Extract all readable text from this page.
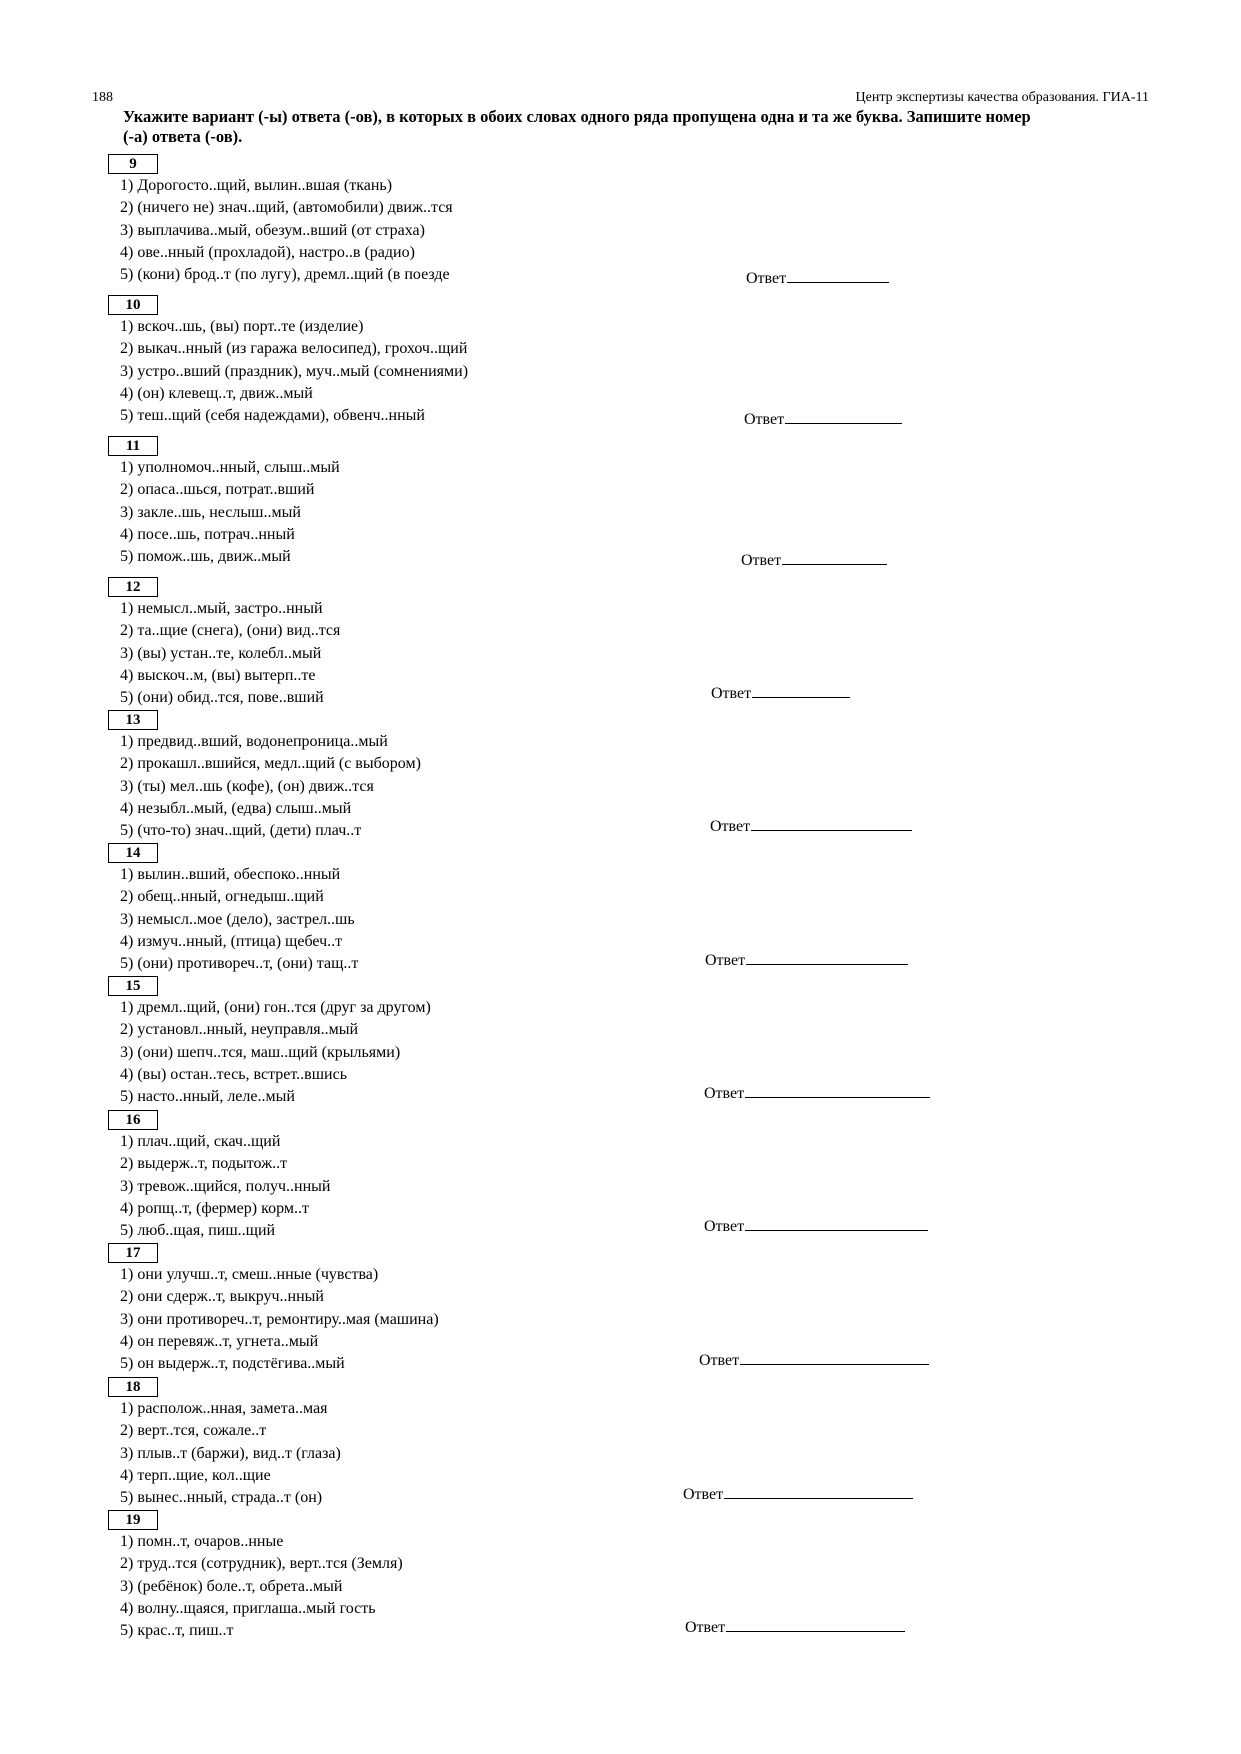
188	Центр экспертизы качества образования. ГИА-11
Укажите вариант (-ы) ответа (-ов), в которых в обоих словах одного ряда пропущена одна и та же буква. Запишите номер (-а) ответа (-ов).
9
1) Дорогосто..щий, вылин..вшая (ткань)
2) (ничего не) знач..щий, (автомобили) движ..тся
3) выплачива..мый, обезум..вший (от страха)
4) ове..нный (прохладой), настро..в (радио)
5) (кони) брод..т (по лугу), дремл..щий (в поезде	Ответ
10
1) вскоч..шь, (вы) порт..те (изделие)
2) выкач..нный (из гаража велосипед), грохоч..щий
3) устро..вший (праздник), муч..мый (сомнениями)
4) (он) клевещ..т, движ..мый
5) теш..щий (себя надеждами), обвенч..нный	Ответ
11
1) уполномоч..нный, слыш..мый
2) опаса..шься, потрат..вший
3) закле..шь, неслыш..мый
4) посе..шь, потрач..нный
5) помож..шь, движ..мый	Ответ
12
1) немысл..мый, застро..нный
2) та..щие (снега), (они) вид..тся
3) (вы) устан..те, колебл..мый
4) выскоч..м, (вы) вытерп..те
5) (они) обид..тся, пове..вший	Ответ
13
1) предвид..вший, водонепроница..мый
2) прокашл..вшийся, медл..щий (с выбором)
3) (ты) мел..шь (кофе), (он) движ..тся
4) незыбл..мый, (едва) слыш..мый
5) (что-то) знач..щий, (дети) плач..т	Ответ
14
1) вылин..вший, обеспоко..нный
2) обещ..нный, огнедыш..щий
3) немысл..мое (дело), застрел..шь
4) измуч..нный, (птица) щебеч..т
5) (они) противореч..т, (они) тащ..т	Ответ
15
1) дремл..щий, (они) гон..тся (друг за другом)
2) установл..нный, неуправля..мый
3) (они) шепч..тся, маш..щий (крыльями)
4) (вы) остан..тесь, встрет..вшись
5) насто..нный, леле..мый	Ответ
16
1) плач..щий, скач..щий
2) выдерж..т, подытож..т
3) тревож..щийся, получ..нный
4) ропщ..т, (фермер) корм..т
5) люб..щая, пиш..щий	Ответ
17
1) они улучш..т, смеш..нные (чувства)
2) они сдерж..т, выкруч..нный
3) они противореч..т, ремонтиру..мая (машина)
4) он перевяж..т, угнета..мый
5) он выдерж..т, подстёгива..мый	Ответ
18
1) располож..нная, замета..мая
2) верт..тся, сожале..т
3) плыв..т (баржи), вид..т (глаза)
4) терп..щие, кол..щие
5) вынес..нный, страда..т (он)	Ответ
19
1) помн..т, очаров..нные
2) труд..тся (сотрудник), верт..тся (Земля)
3) (ребёнок) боле..т, обрета..мый
4) волну..щаяся, приглаша..мый гость
5) крас..т, пиш..т	Ответ
